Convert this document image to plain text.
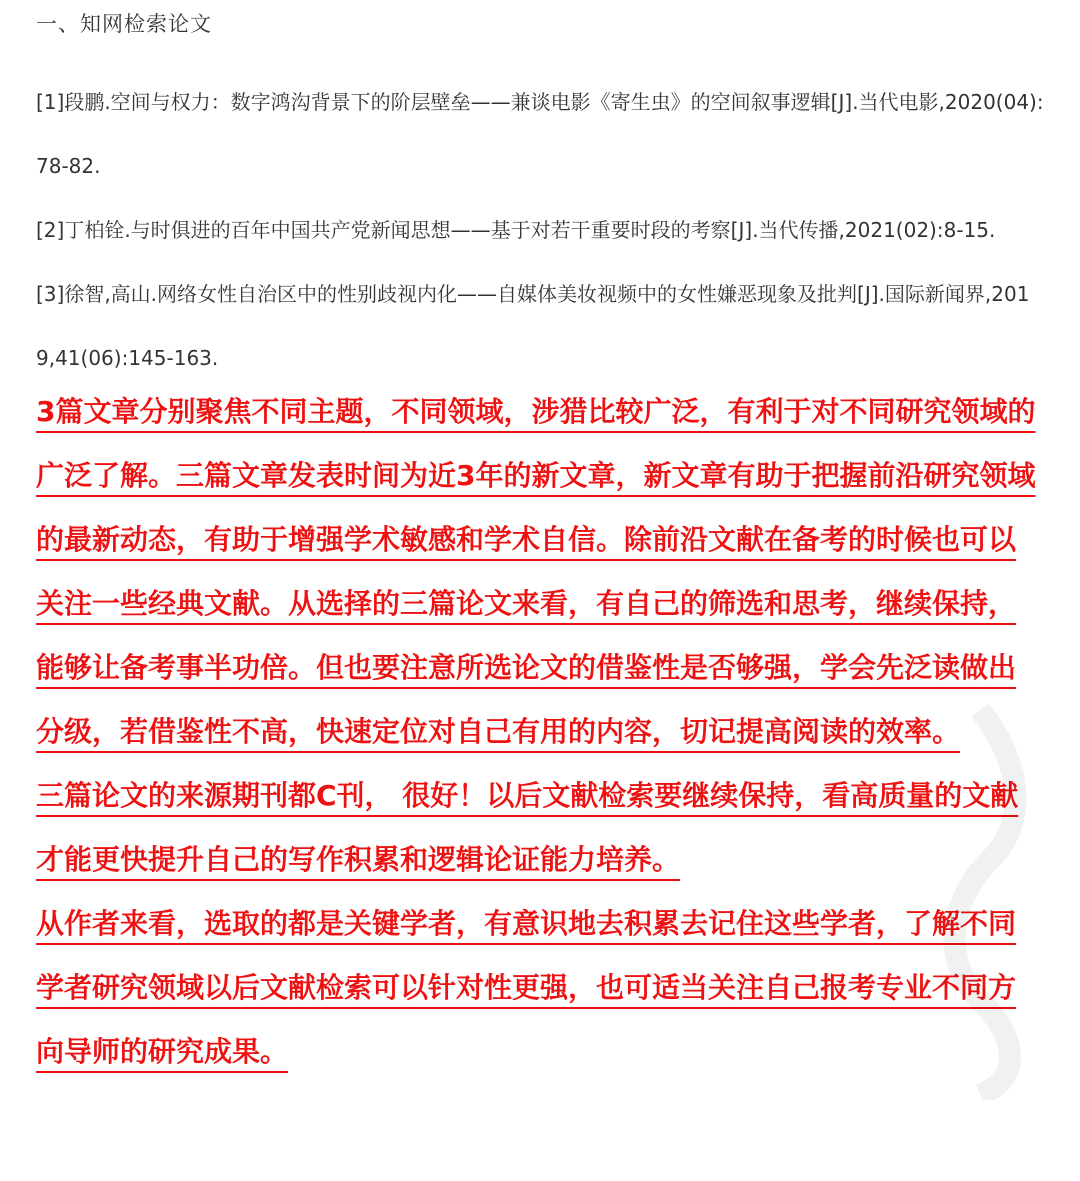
一、知网检索论文

[1]段鹏.空间与权力：数字鸿沟背景下的阶层壁垒——兼谈电影《寄生虫》的空间叙事逻辑[J].当代电影,2020(04):78-82.

[2]丁柏铨.与时俱进的百年中国共产党新闻思想——基于对若干重要时段的考察[J].当代传播,2021(02):8-15.

[3]徐智,高山.网络女性自治区中的性别歧视内化——自媒体美妆视频中的女性嫌恶现象及批判[J].国际新闻界,2019,41(06):145-163.

3篇文章分别聚焦不同主题，不同领域，涉猎比较广泛，有利于对不同研究领域的广泛了解。三篇文章发表时间为近3年的新文章，新文章有助于把握前沿研究领域的最新动态，有助于增强学术敏感和学术自信。除前沿文献在备考的时候也可以关注一些经典文献。从选择的三篇论文来看，有自己的筛选和思考，继续保持，能够让备考事半功倍。但也要注意所选论文的借鉴性是否够强，学会先泛读做出分级，若借鉴性不高，快速定位对自己有用的内容，切记提高阅读的效率。

三篇论文的来源期刊都C刊， 很好！以后文献检索要继续保持，看高质量的文献才能更快提升自己的写作积累和逻辑论证能力培养。

从作者来看，选取的都是关键学者，有意识地去积累去记住这些学者，了解不同学者研究领域以后文献检索可以针对性更强，也可适当关注自己报考专业不同方向导师的研究成果。
